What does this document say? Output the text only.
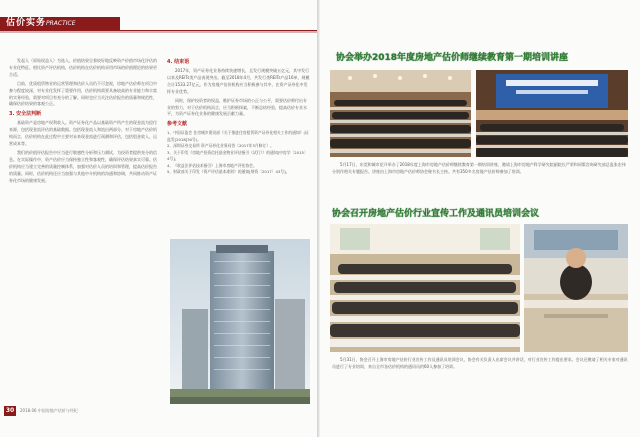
估价实务 PRACTICE

发起人（原始权益人）为选入，价值结果呈着较好地反映资产价值市场化评估的专业化特征。相比资产评估机构，估价机构在估价机构采用市场的价值理论的结果更合适。

目前，优质租赁物业的运营管理和估价人员仍不可忽视，房地产估价师在项目中参与程度较深，对专业化发挥了重要作用，估价机构需要具备较高的专业能力和丰富的实务经验，需要对项目有充分的了解。同时也应当关注估价报告的质量和规范性，确保估价结果的客观公正。

3. 安全法判断

基础资产是房地产权利收入。资产证券化产品以基础资产所产生的现金流为偿付来源，包括现金流评估的基础数据。包括现金流入和流出两部分，对于房地产估价机构而言，估价机构在此过程中主要对未来现金流进行预测和评估，包括租金收入、运营成本等。

我们的价值评估报告中应当进行敏感性分析和压力测试，为投资者提供充分的信息。在实际操作中，资产估价应当保持独立性和客观性，确保评估结果真实可靠。估价机构应当建立完善的质量控制体系，加强对估价人员的培训和管理，提高估价报告的质量。同时，估价机构还应当加强与其他中介机构的沟通和协调，共同推动资产证券化市场的健康发展。

4. 结束语

2017年，资产证券化业务持续快速增长，且发行规模突破五亿元，其中发行以来及REITs类产品表现突出。截至2018年4月，共发行类REITs产品16单，规模合计1533.27亿元。作为房地产估价机构应当积极参与其中，在资产证券化中发挥专业优势。

同时，保护投资者的权益，维护证券市场的公正与公平，需要估价师付出专业的努力，对于估价机构而言，应当积极探索，不断总结经验，提高估价专业水平，为资产证券化业务的健康发展贡献力量。

参考文献
1、中国证监会 住房城乡建设部《关于推进住房租赁资产证券化相关工作的通知》(证监发[2018]30号)。
2、深圳证券交易所 资产证券化业务问答（2017年3月修订）。
3、关于印发《房地产投资信托基金物业评估指引（试行）》的通知[中房学〔2015〕4号]。
4、《收益法评估技术指引》上海市房地产评估协会。
5、财政部关于印发《资产评估基本准则》的通知[财资〔2017〕43号]。
30	2018.06 中国房地产估价与经纪
协会举办2018年度房地产估价师继续教育第一期培训讲座

5月17日，东莞和城市花开举办了2018年度上海市房地产估价师继续教育第一期培训讲座，邀请上海市房地产科学研究院副院长严荣和同策咨询研究部总监张宏伟分别作相关专题报告。讲座由上海市房地产估价师协会秘书长主持。共有350多名房地产估价师参加了培训。

协会召开房地产估价行业宣传工作及通讯员培训会议

5月31日，协会召开上海市房地产估价行业宣传工作及通讯员培训会议，协会有关负责人出席会议并讲话，对行业宣传工作提出要求。会议还邀请了相关专家对通讯员进行了专业培训，来自全市各估价机构的通讯员约60人参加了培训。
